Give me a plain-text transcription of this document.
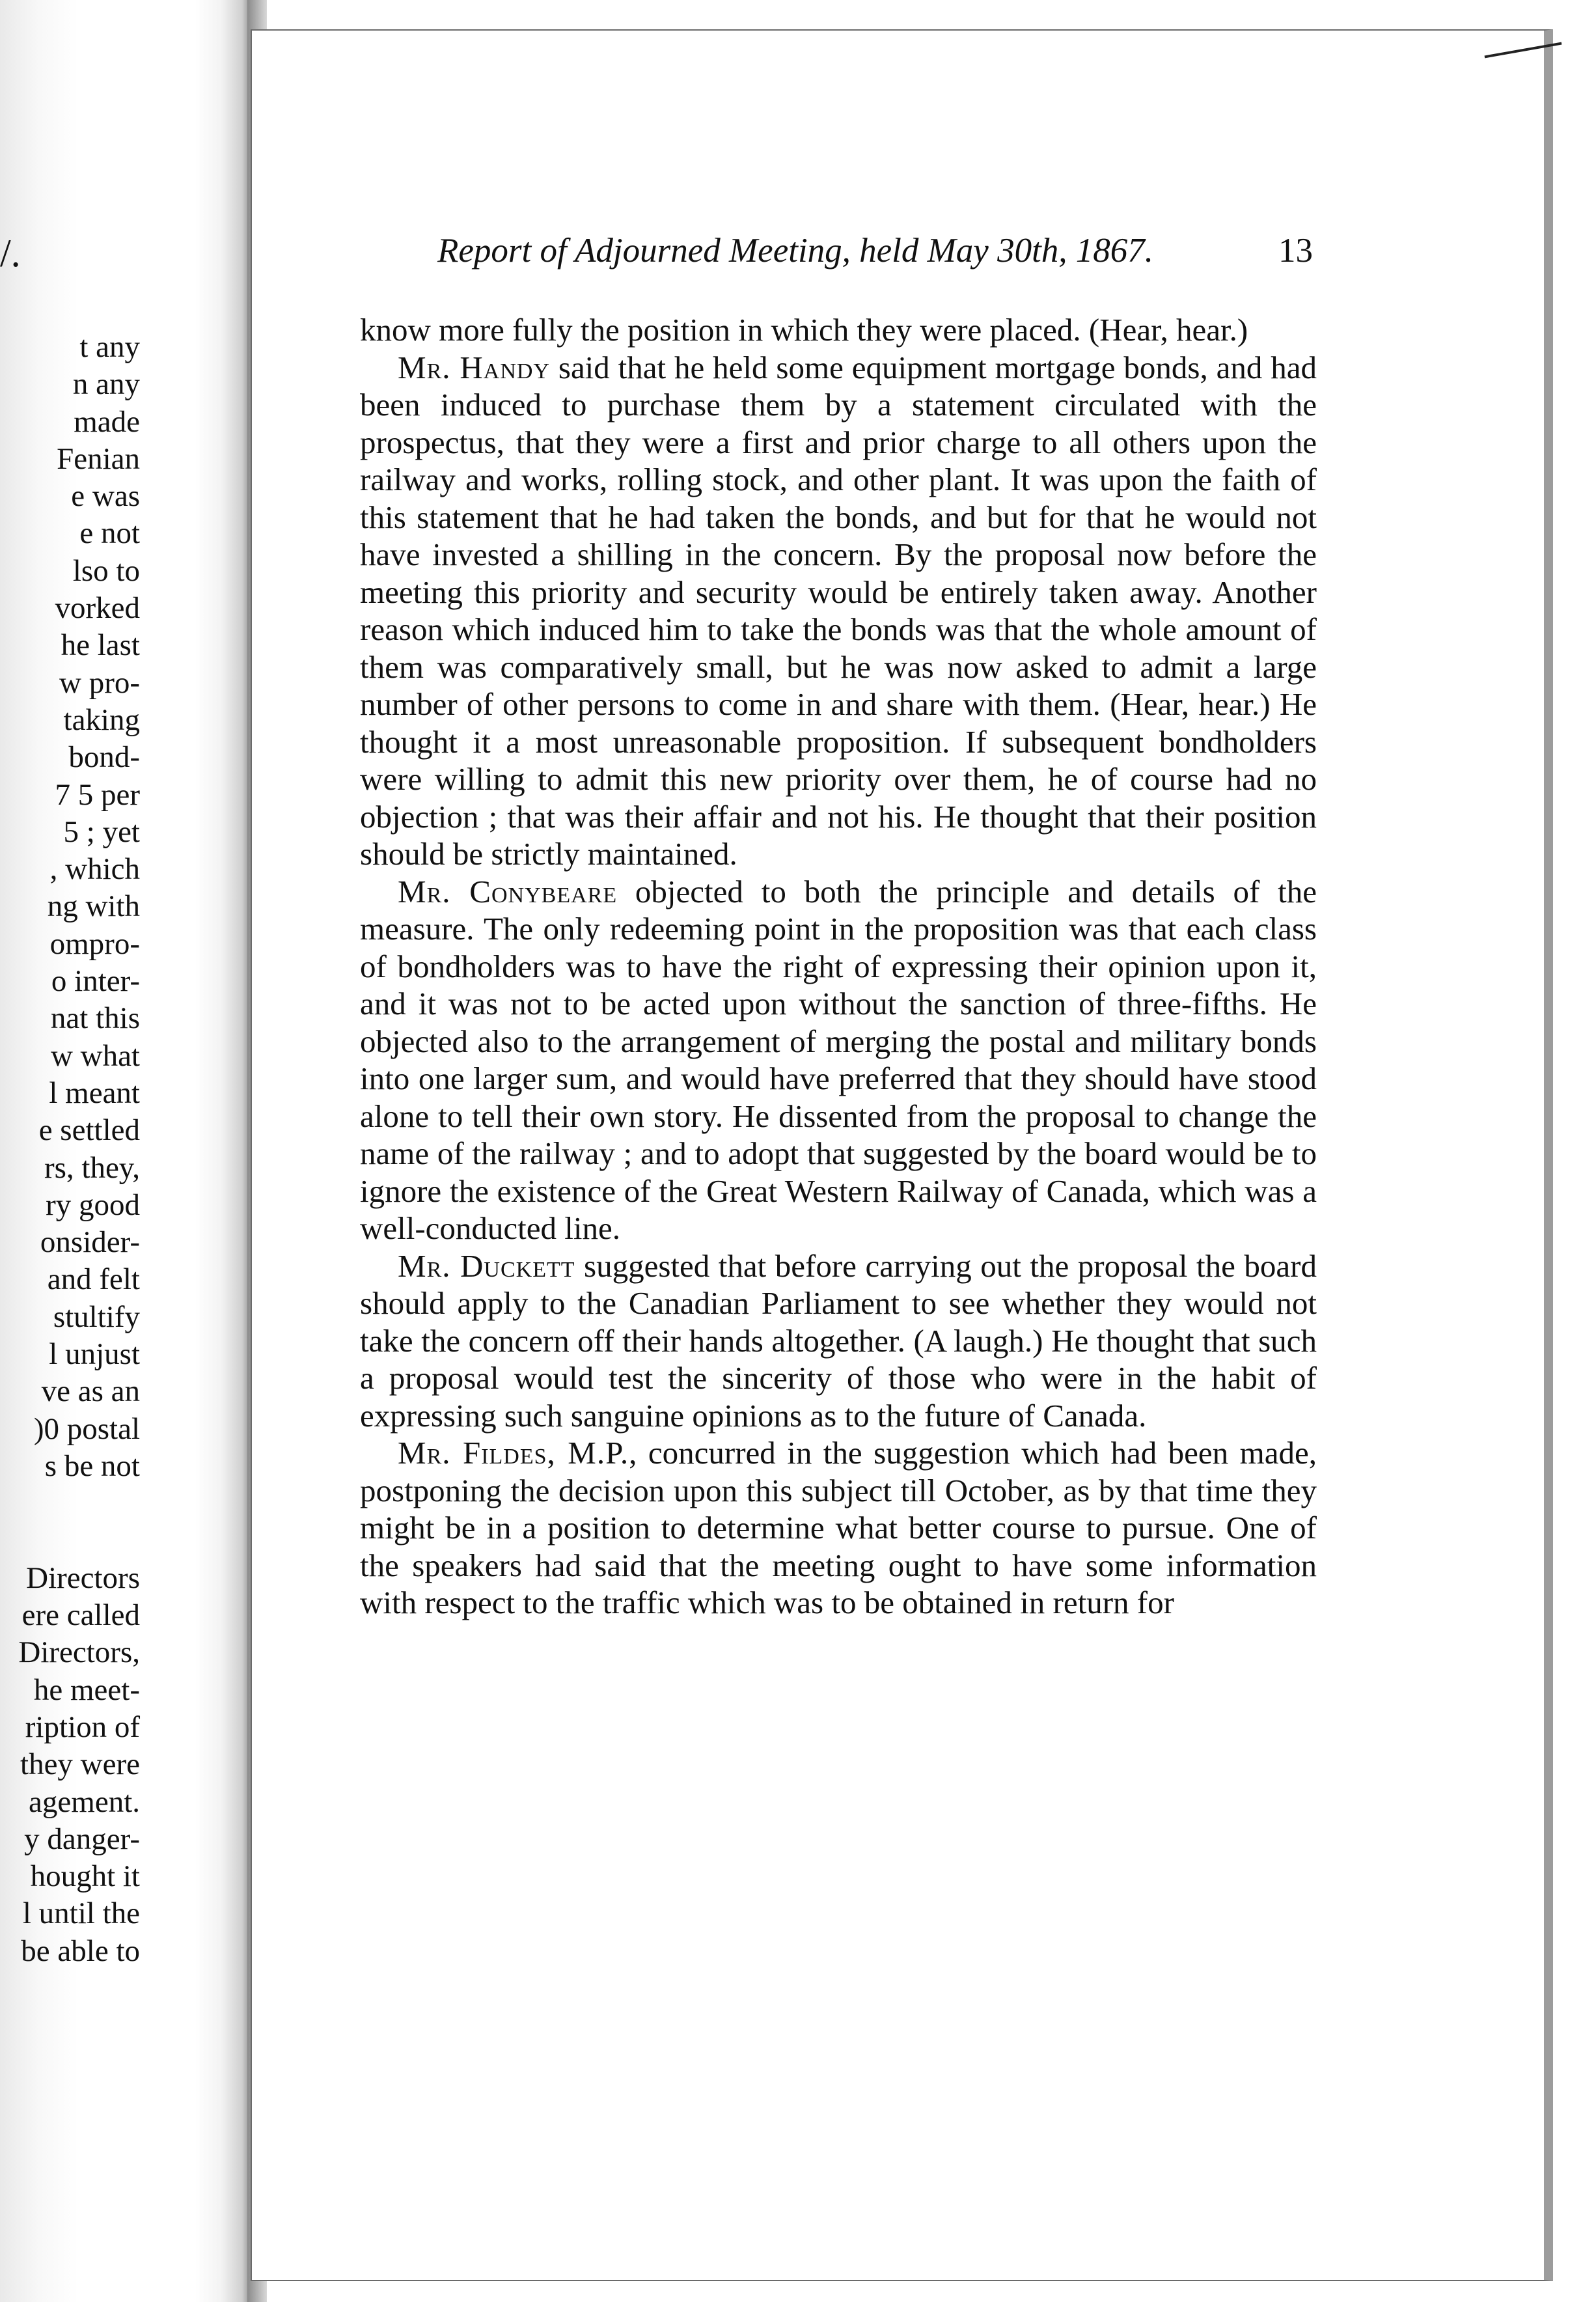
/.
t any
n any
made
Fenian
e was
e not
lso to
vorked
he last
w pro-
taking
bond-
7 5 per
5 ; yet
, which
ng with
ompro-
o inter-
nat this
w what
l meant
e settled
rs, they,
ry good
onsider-
and felt
stultify
l unjust
ve as an
)0 postal
s be not

Directors
ere called
Directors,
he meet-
ription of
they were
agement.
y danger-
hought it
l until the
be able to
Report of Adjourned Meeting, held May 30th, 1867.	13

know more fully the position in which they were placed. (Hear, hear.)

Mr. Handy said that he held some equipment mortgage bonds, and had been induced to purchase them by a statement circulated with the prospectus, that they were a first and prior charge to all others upon the railway and works, rolling stock, and other plant. It was upon the faith of this statement that he had taken the bonds, and but for that he would not have invested a shilling in the concern. By the proposal now before the meeting this priority and security would be entirely taken away. Another reason which induced him to take the bonds was that the whole amount of them was comparatively small, but he was now asked to admit a large number of other persons to come in and share with them. (Hear, hear.) He thought it a most unreasonable proposition. If subsequent bondholders were willing to admit this new priority over them, he of course had no objection ; that was their affair and not his. He thought that their position should be strictly maintained.

Mr. Conybeare objected to both the principle and details of the measure. The only redeeming point in the proposition was that each class of bondholders was to have the right of expressing their opinion upon it, and it was not to be acted upon without the sanction of three-fifths. He objected also to the arrangement of merging the postal and military bonds into one larger sum, and would have preferred that they should have stood alone to tell their own story. He dissented from the proposal to change the name of the railway ; and to adopt that suggested by the board would be to ignore the existence of the Great Western Railway of Canada, which was a well-conducted line.

Mr. Duckett suggested that before carrying out the proposal the board should apply to the Canadian Parliament to see whether they would not take the concern off their hands altogether. (A laugh.) He thought that such a proposal would test the sincerity of those who were in the habit of expressing such sanguine opinions as to the future of Canada.

Mr. Fildes, M.P., concurred in the suggestion which had been made, postponing the decision upon this subject till October, as by that time they might be in a position to determine what better course to pursue. One of the speakers had said that the meeting ought to have some information with respect to the traffic which was to be obtained in return for
